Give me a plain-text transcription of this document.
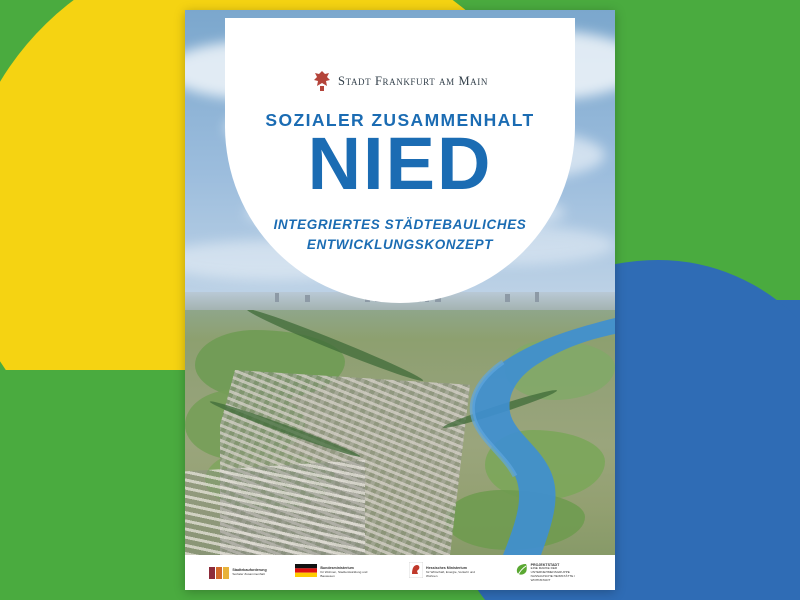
Stadt Frankfurt am Main
SOZIALER ZUSAMMENHALT
NIED
INTEGRIERTES STÄDTEBAULICHES
ENTWICKLUNGSKONZEPT
Stadtebauforderung
Sozialer Zusammenhalt
Bundesministerium
für Wohnen, Stadtentwicklung und Bauwesen
Hessisches Ministerium
für Wirtschaft, Energie, Verkehr und Wohnen
PROJEKTSTADT
EINE MARKE DER UNTERNEHMENSGRUPPE NASSAUISCHE HEIMSTÄTTE / WOHNSTADT
